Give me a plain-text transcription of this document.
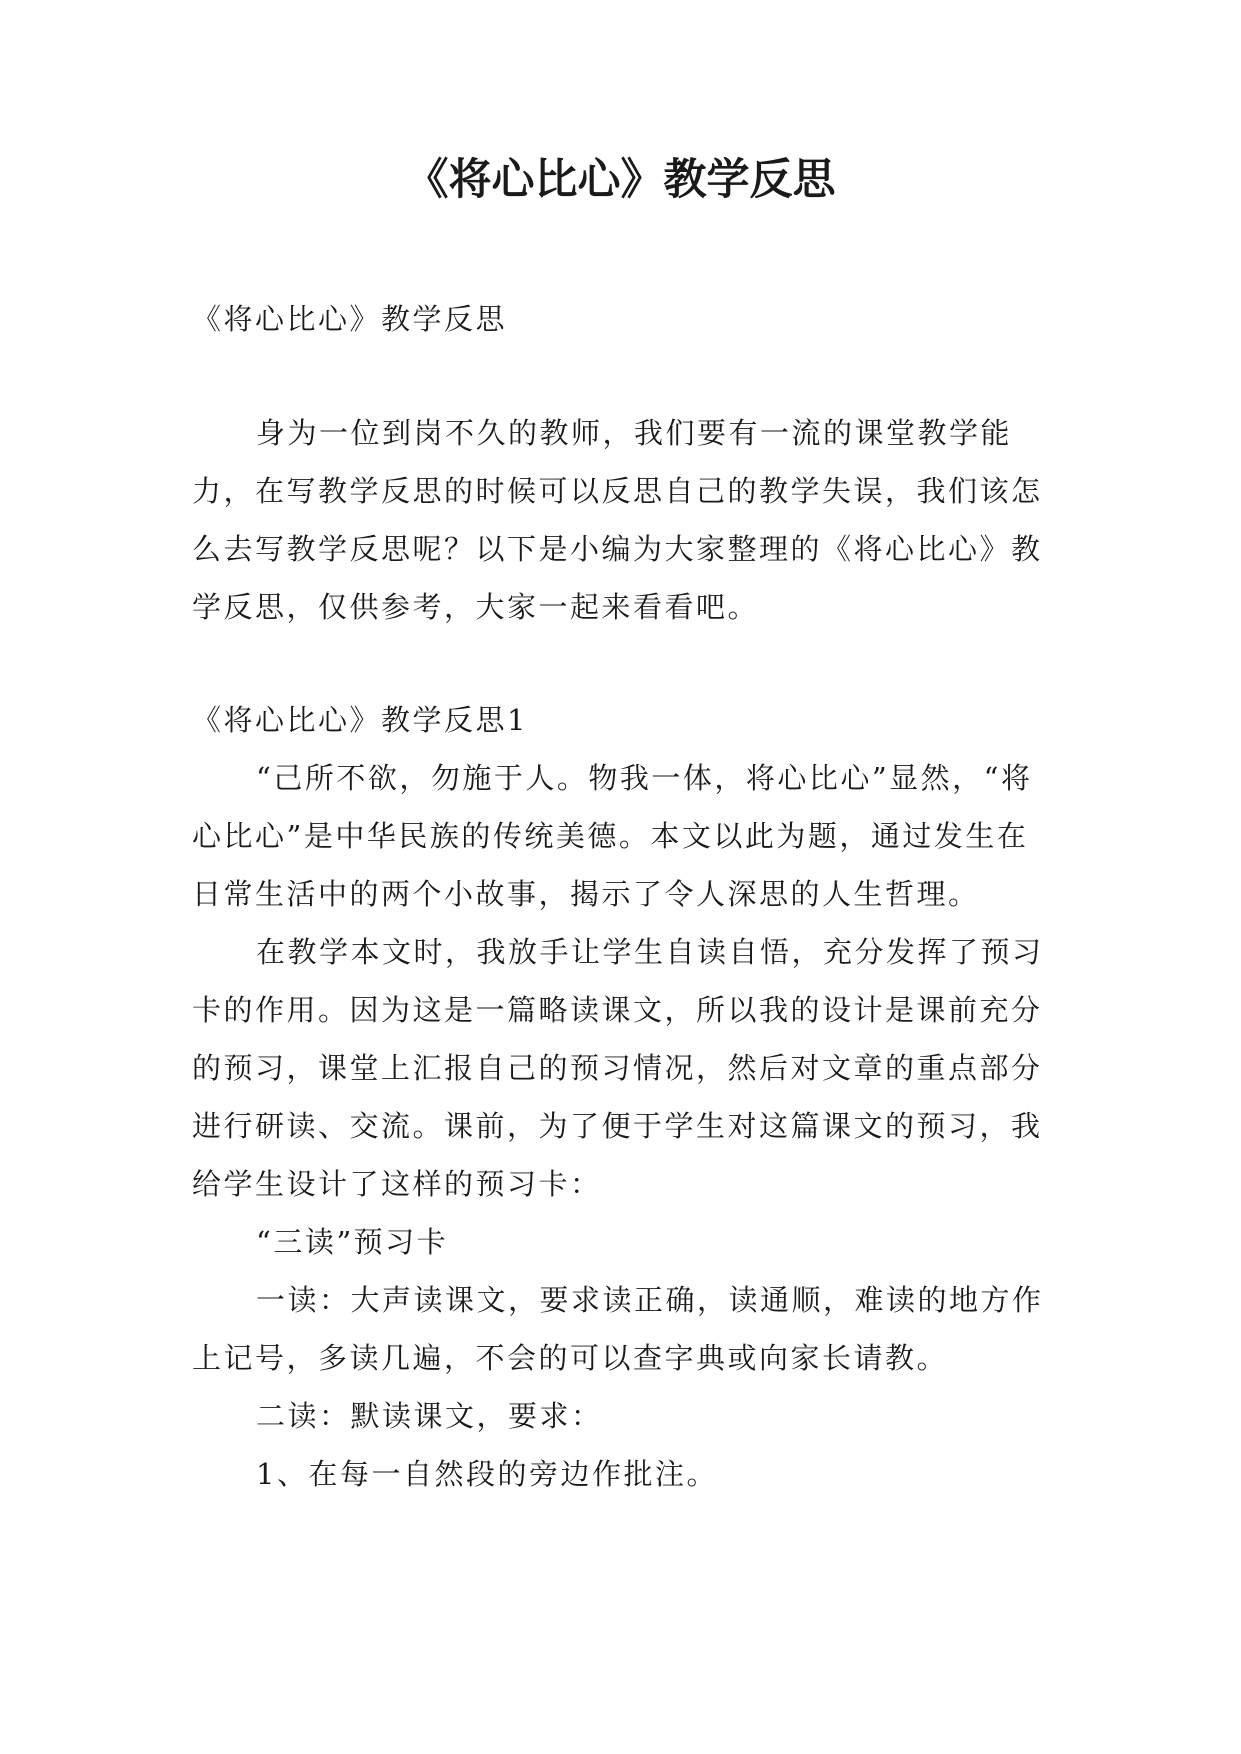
《将心比心》教学反思

《将心比心》教学反思

身为一位到岗不久的教师，我们要有一流的课堂教学能力，在写教学反思的时候可以反思自己的教学失误，我们该怎么去写教学反思呢？以下是小编为大家整理的《将心比心》教学反思，仅供参考，大家一起来看看吧。

《将心比心》教学反思1

“己所不欲，勿施于人。物我一体，将心比心”显然，“将心比心”是中华民族的传统美德。本文以此为题，通过发生在日常生活中的两个小故事，揭示了令人深思的人生哲理。

在教学本文时，我放手让学生自读自悟，充分发挥了预习卡的作用。因为这是一篇略读课文，所以我的设计是课前充分的预习，课堂上汇报自己的预习情况，然后对文章的重点部分进行研读、交流。课前，为了便于学生对这篇课文的预习，我给学生设计了这样的预习卡：

“三读”预习卡

一读：大声读课文，要求读正确，读通顺，难读的地方作上记号，多读几遍，不会的可以查字典或向家长请教。

二读：默读课文，要求：

1、在每一自然段的旁边作批注。
